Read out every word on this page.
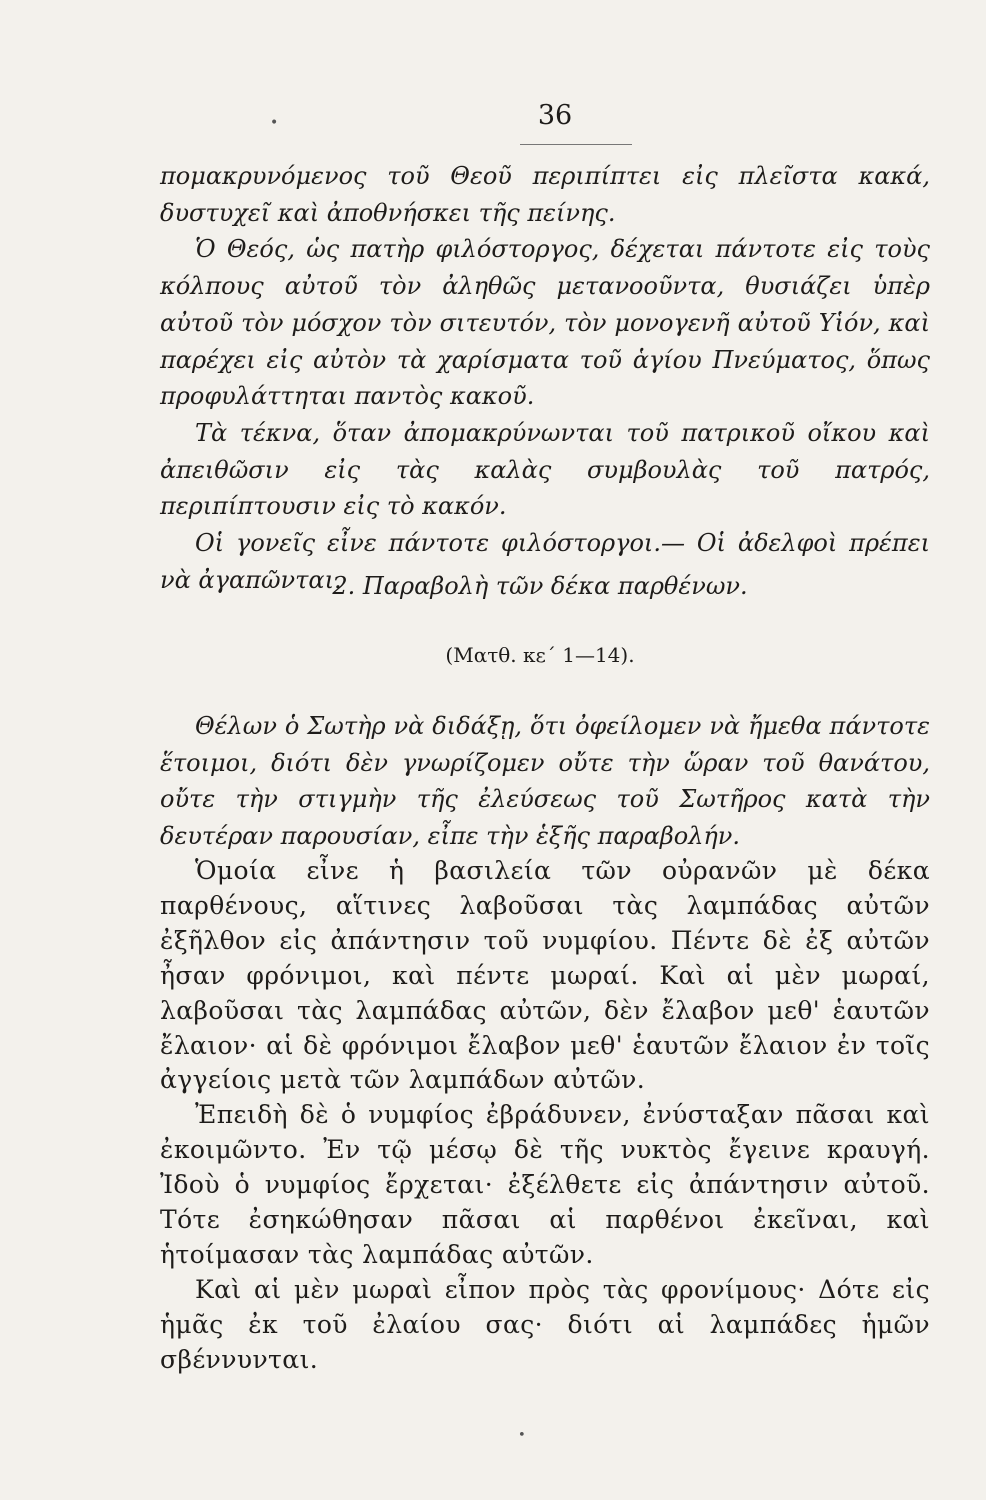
•	36

πομακρυνόμενος τοῦ Θεοῦ περιπίπτει εἰς πλεῖστα κακά, δυστυχεῖ καὶ ἀποθνήσκει τῆς πείνης.

Ὁ Θεός, ὡς πατὴρ φιλόστοργος, δέχεται πάντοτε εἰς τοὺς κόλπους αὐτοῦ τὸν ἀληθῶς μετανοοῦντα, θυσιάζει ὑπὲρ αὐτοῦ τὸν μόσχον τὸν σιτευτόν, τὸν μονογενῆ αὐτοῦ Υἱόν, καὶ παρέχει εἰς αὐτὸν τὰ χαρίσματα τοῦ ἁγίου Πνεύματος, ὅπως προφυλάττηται παντὸς κακοῦ.

Τὰ τέκνα, ὅταν ἀπομακρύνωνται τοῦ πατρικοῦ οἴκου καὶ ἀπειθῶσιν εἰς τὰς καλὰς συμβουλὰς τοῦ πατρός, περιπίπτουσιν εἰς τὸ κακόν.

Οἱ γονεῖς εἶνε πάντοτε φιλόστοργοι.— Οἱ ἀδελφοὶ πρέπει νὰ ἀγαπῶνται.

2. Παραβολὴ τῶν δέκα παρθένων.
(Ματθ. κε΄ 1—14).

Θέλων ὁ Σωτὴρ νὰ διδάξῃ, ὅτι ὀφείλομεν νὰ ἤμεθα πάντοτε ἕτοιμοι, διότι δὲν γνωρίζομεν οὔτε τὴν ὥραν τοῦ θανάτου, οὔτε τὴν στιγμὴν τῆς ἐλεύσεως τοῦ Σωτῆρος κατὰ τὴν δευτέραν παρουσίαν, εἶπε τὴν ἑξῆς παραβολήν.

Ὁμοία εἶνε ἡ βασιλεία τῶν οὐρανῶν μὲ δέκα παρθένους, αἵτινες λαβοῦσαι τὰς λαμπάδας αὐτῶν ἐξῆλθον εἰς ἀπάντησιν τοῦ νυμφίου. Πέντε δὲ ἐξ αὐτῶν ἦσαν φρόνιμοι, καὶ πέντε μωραί. Καὶ αἱ μὲν μωραί, λαβοῦσαι τὰς λαμπάδας αὐτῶν, δὲν ἔλαβον μεθ' ἑαυτῶν ἔλαιον· αἱ δὲ φρόνιμοι ἔλαβον μεθ' ἑαυτῶν ἔλαιον ἐν τοῖς ἀγγείοις μετὰ τῶν λαμπάδων αὐτῶν.

Ἐπειδὴ δὲ ὁ νυμφίος ἐβράδυνεν, ἐνύσταξαν πᾶσαι καὶ ἐκοιμῶντο. Ἐν τῷ μέσῳ δὲ τῆς νυκτὸς ἔγεινε κραυγή. Ἰδοὺ ὁ νυμφίος ἔρχεται· ἐξέλθετε εἰς ἀπάντησιν αὐτοῦ. Τότε ἐσηκώθησαν πᾶσαι αἱ παρθένοι ἐκεῖναι, καὶ ἡτοίμασαν τὰς λαμπάδας αὐτῶν.

Καὶ αἱ μὲν μωραὶ εἶπον πρὸς τὰς φρονίμους· Δότε εἰς ἡμᾶς ἐκ τοῦ ἐλαίου σας· διότι αἱ λαμπάδες ἡμῶν σβέννυνται.

•
